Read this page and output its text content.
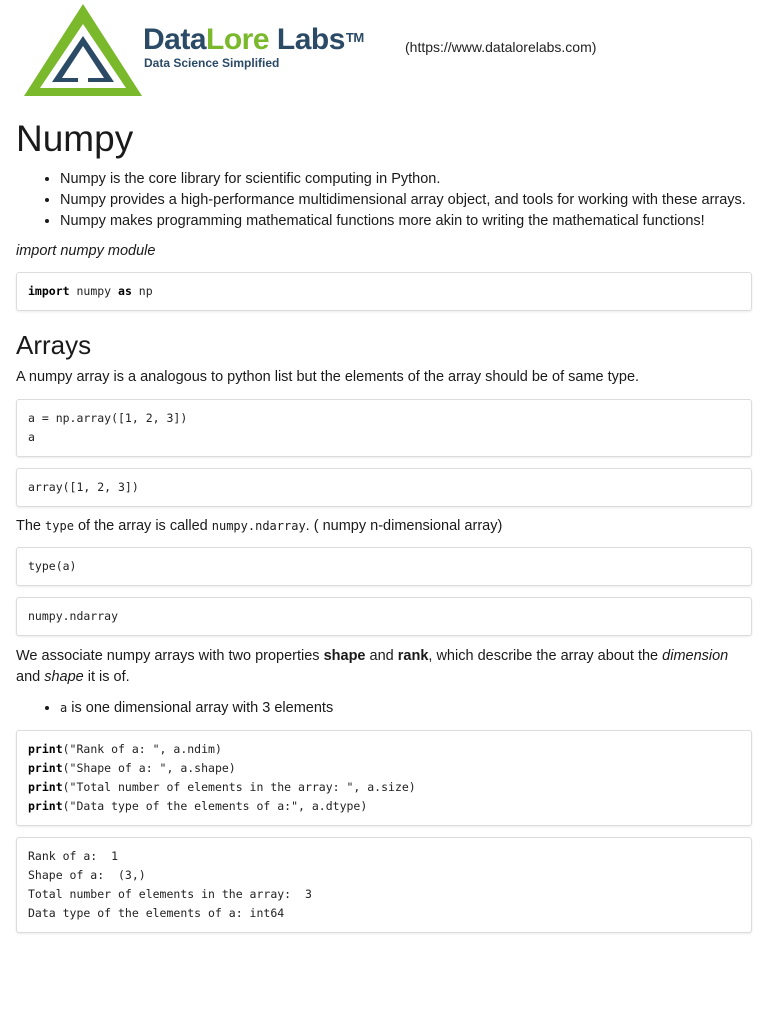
DataLore Labs™
Data Science Simplified
(https://www.datalorelabs.com)
Numpy
• Numpy is the core library for scientific computing in Python.
• Numpy provides a high-performance multidimensional array object, and tools for working with these arrays.
• Numpy makes programming mathematical functions more akin to writing the mathematical functions!

import numpy module

import numpy as np
Arrays

A numpy array is a analogous to python list but the elements of the array should be of same type.

a = np.array([1, 2, 3])
a
array([1, 2, 3])

The type of the array is called numpy.ndarray. ( numpy n-dimensional array)

type(a)
numpy.ndarray

We associate numpy arrays with two properties shape and rank, which describe the array about the dimension and shape it is of.

• a is one dimensional array with 3 elements
print("Rank of a: ", a.ndim)
print("Shape of a: ", a.shape)
print("Total number of elements in the array: ", a.size)
print("Data type of the elements of a:", a.dtype)
Rank of a:  1
Shape of a:  (3,)
Total number of elements in the array:  3
Data type of the elements of a: int64
